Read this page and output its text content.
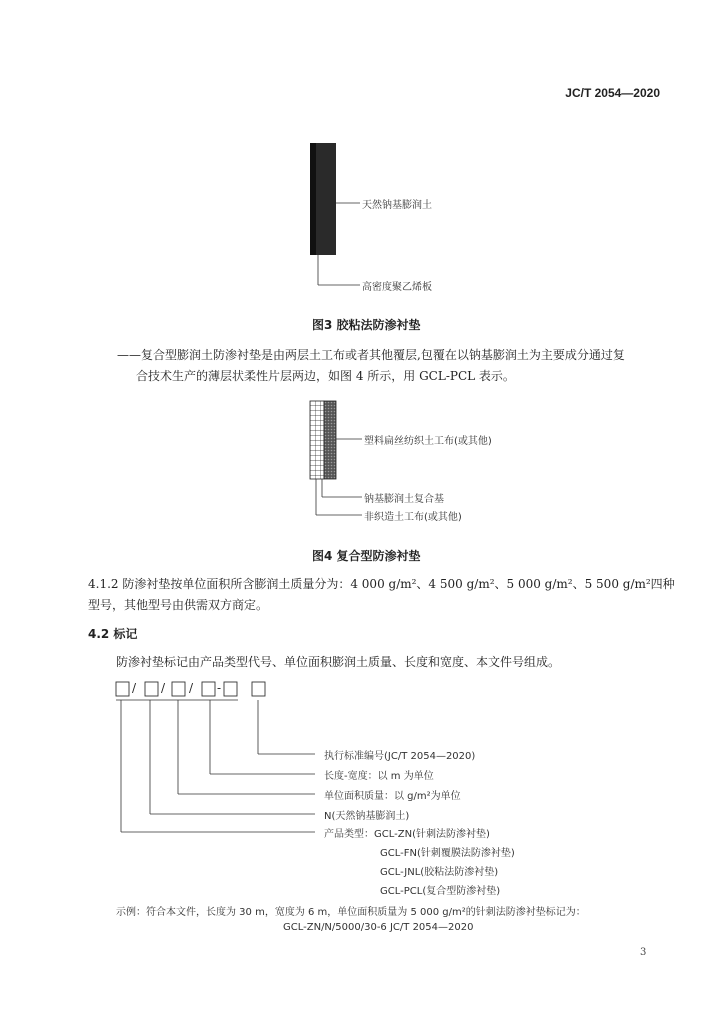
JC/T 2054—2020
天然钠基膨润土
高密度聚乙烯板
图3 胶粘法防渗衬垫
——复合型膨润土防渗衬垫是由两层土工布或者其他覆层,包覆在以钠基膨润土为主要成分通过复
合技术生产的薄层状柔性片层两边，如图 4 所示，用 GCL-PCL 表示。
塑料扁丝纺织土工布(或其他)
钠基膨润土复合基
非织造土工布(或其他)
图4 复合型防渗衬垫
4.1.2 防渗衬垫按单位面积所含膨润土质量分为：4 000 g/m²、4 500 g/m²、5 000 g/m²、5 500 g/m²四种
型号，其他型号由供需双方商定。
4.2 标记
防渗衬垫标记由产品类型代号、单位面积膨润土质量、长度和宽度、本文件号组成。
/ / / -
执行标准编号(JC/T 2054—2020)
长度-宽度：以 m 为单位
单位面积质量：以 g/m²为单位
N(天然钠基膨润土)
产品类型：GCL-ZN(针刺法防渗衬垫)
GCL-FN(针刺覆膜法防渗衬垫)
GCL-JNL(胶粘法防渗衬垫)
GCL-PCL(复合型防渗衬垫)
示例：符合本文件，长度为 30 m，宽度为 6 m，单位面积质量为 5 000 g/m²的针刺法防渗衬垫标记为：
GCL-ZN/N/5000/30-6 JC/T 2054—2020
3
